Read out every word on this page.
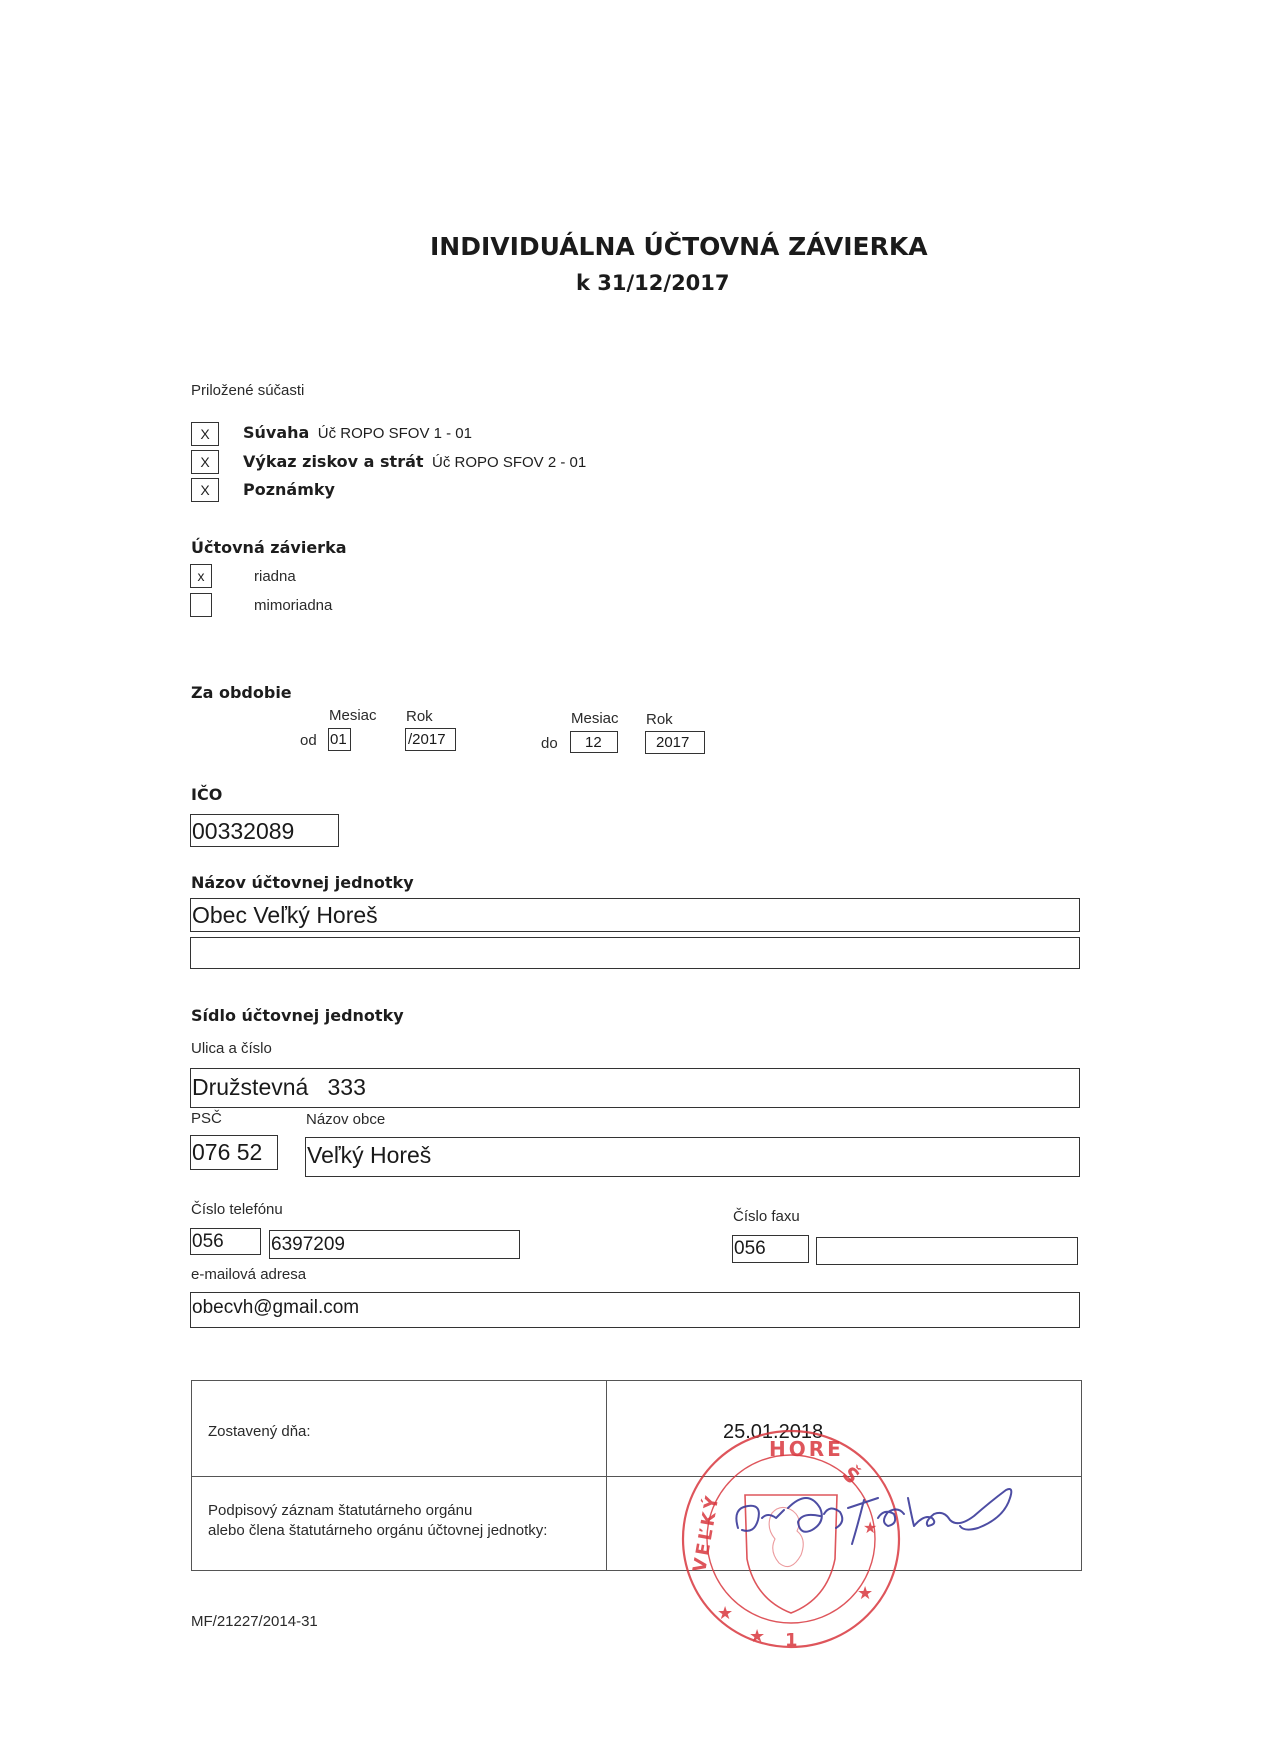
INDIVIDUÁLNA ÚČTOVNÁ ZÁVIERKA
k 31/12/2017
Priložené súčasti
X	Súvaha Úč ROPO SFOV 1 - 01
X	Výkaz ziskov a strát Úč ROPO SFOV 2 - 01
X	Poznámky
Účtovná závierka
x	riadna
mimoriadna
Za obdobie
Mesiac Rok
od 01	/2017
Mesiac Rok
do 12	2017
IČO
00332089
Názov účtovnej jednotky
Obec Veľký Horeš
Sídlo účtovnej jednotky
Ulica a číslo
Družstevná   333
PSČ	Názov obce
076 52 Veľký Horeš
Číslo telefónu
056 6397209
Číslo faxu
056
e-mailová adresa
obecvh@gmail.com
Zostavený dňa:	25.01.2018
Podpisový záznam štatutárneho orgánu
alebo člena štatutárneho orgánu účtovnej jednotky:
MF/21227/2014-31
HORE
Š
VEĽKÝ
1
★
★
★
★
